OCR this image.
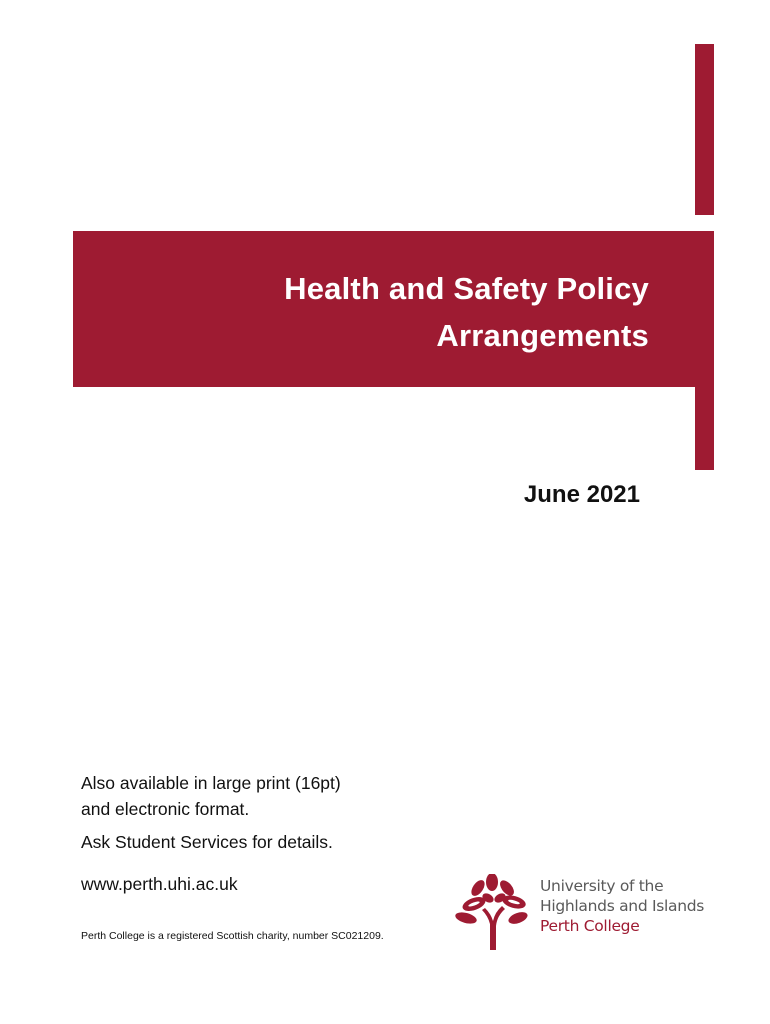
Health and Safety Policy
Arrangements
June 2021
Also available in large print (16pt)
and electronic format.
Ask Student Services for details.
www.perth.uhi.ac.uk
Perth College is a registered Scottish charity, number SC021209.
University of the
Highlands and Islands
Perth College
